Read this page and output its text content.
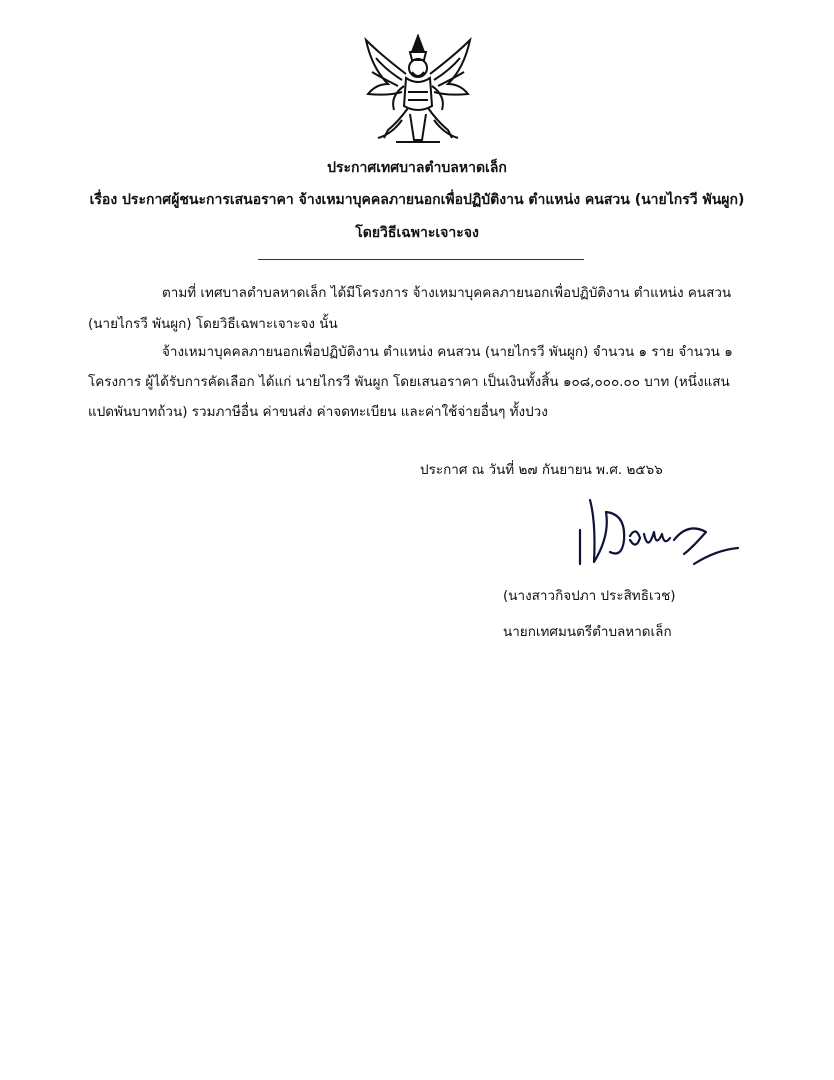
ประกาศเทศบาลตำบลหาดเล็ก
เรื่อง ประกาศผู้ชนะการเสนอราคา จ้างเหมาบุคคลภายนอกเพื่อปฏิบัติงาน ตำแหน่ง คนสวน (นายไกรวี พันผูก)
โดยวิธีเฉพาะเจาะจง
ตามที่ เทศบาลตำบลหาดเล็ก ได้มีโครงการ จ้างเหมาบุคคลภายนอกเพื่อปฏิบัติงาน ตำแหน่ง คนสวน
(นายไกรวี พันผูก) โดยวิธีเฉพาะเจาะจง นั้น
จ้างเหมาบุคคลภายนอกเพื่อปฏิบัติงาน ตำแหน่ง คนสวน (นายไกรวี พันผูก) จำนวน ๑ ราย จำนวน ๑
โครงการ ผู้ได้รับการคัดเลือก ได้แก่ นายไกรวี พันผูก โดยเสนอราคา เป็นเงินทั้งสิ้น ๑๐๘,๐๐๐.๐๐ บาท (หนึ่งแสน
แปดพันบาทถ้วน) รวมภาษีอื่น ค่าขนส่ง ค่าจดทะเบียน และค่าใช้จ่ายอื่นๆ ทั้งปวง
ประกาศ ณ วันที่ ๒๗ กันยายน พ.ศ. ๒๕๖๖
(นางสาวกิจปภา ประสิทธิเวช)
นายกเทศมนตรีตำบลหาดเล็ก
